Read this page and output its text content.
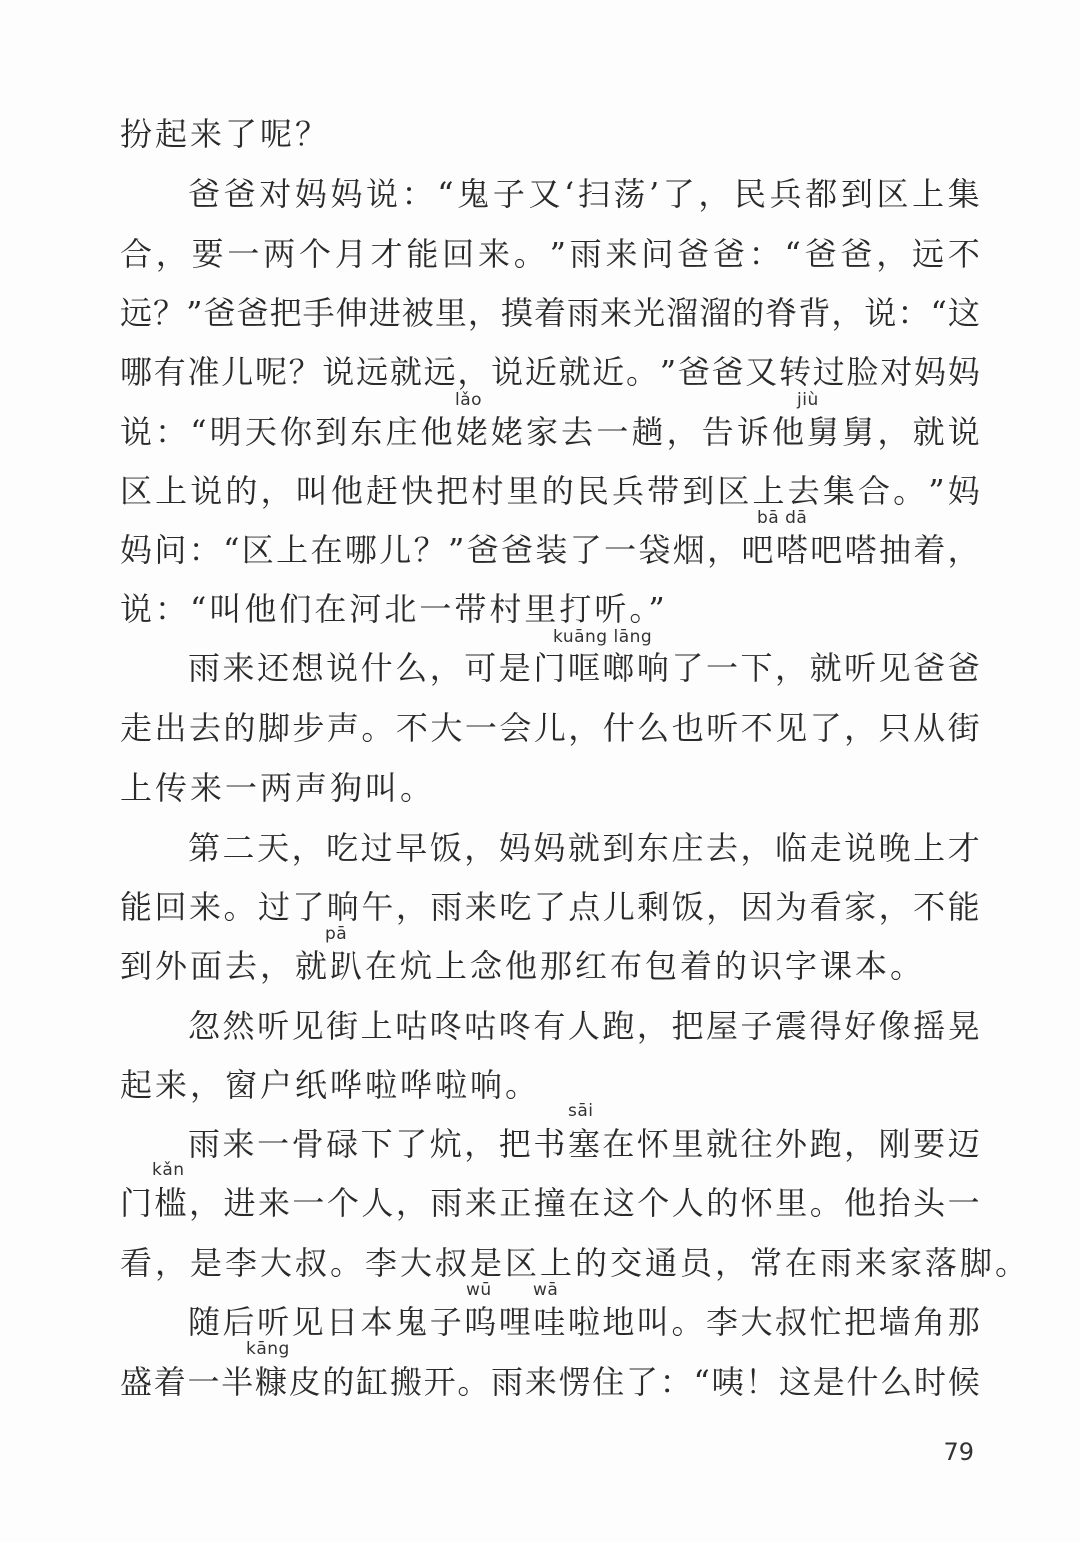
扮起来了呢？
爸 爸 对 妈 妈 说 ： “ 鬼 子 又 ‘ 扫 荡 ’ 了 ， 民 兵 都 到 区 上 集
合 ， 要 一 两 个 月 才 能 回 来 。 ” 雨 来 问 爸 爸 ： “ 爸 爸 ， 远 不
远 ？ ” 爸 爸 把 手 伸 进 被 里 ， 摸 着 雨 来 光 溜 溜 的 脊 背 ， 说 ： “ 这
哪 有 准 儿 呢 ？ 说 远 就 远 ， 说 近 就 近 。 ” 爸 爸 又 转 过 脸 对 妈 妈
lǎo	jiù
说 ： “ 明 天 你 到 东 庄 他 姥 姥 家 去 一 趟 ， 告 诉 他 舅 舅 ， 就 说
区 上 说 的 ， 叫 他 赶 快 把 村 里 的 民 兵 带 到 区 上 去 集 合 。 ” 妈
bā dā
妈 问 ： “ 区 上 在 哪 儿 ？ ” 爸 爸 装 了 一 袋 烟 ， 吧 嗒 吧 嗒 抽 着 ，
说：“叫他们在河北一带村里打听。”
kuāng lāng
雨 来 还 想 说 什 么 ， 可 是 门 哐 啷 响 了 一 下 ， 就 听 见 爸 爸
走 出 去 的 脚 步 声 。 不 大 一 会 儿 ， 什 么 也 听 不 见 了 ， 只 从 街
上传来一两声狗叫。
第 二 天 ， 吃 过 早 饭 ， 妈 妈 就 到 东 庄 去 ， 临 走 说 晚 上 才
能 回 来 。 过 了 晌 午 ， 雨 来 吃 了 点 儿 剩 饭 ， 因 为 看 家 ， 不 能
pā
到外面去，就趴在炕上念他那红布包着的识字课本。
忽 然 听 见 街 上 咕 咚 咕 咚 有 人 跑 ， 把 屋 子 震 得 好 像 摇 晃
起来，窗户纸哗啦哗啦响。
sāi
雨 来 一 骨 碌 下 了 炕 ， 把 书 塞 在 怀 里 就 往 外 跑 ， 刚 要 迈
kǎn
门 槛 ， 进 来 一 个 人 ， 雨 来 正 撞 在 这 个 人 的 怀 里 。 他 抬 头 一
看，是李大叔。李大叔是区上的交通员，常在雨来家落脚。
wū wā
随 后 听 见 日 本 鬼 子 呜 哩 哇 啦 地 叫 。 李 大 叔 忙 把 墙 角 那
kāng
盛 着 一 半 糠 皮 的 缸 搬 开 。 雨 来 愣 住 了 ： “ 咦 ！ 这 是 什 么 时 候
79
